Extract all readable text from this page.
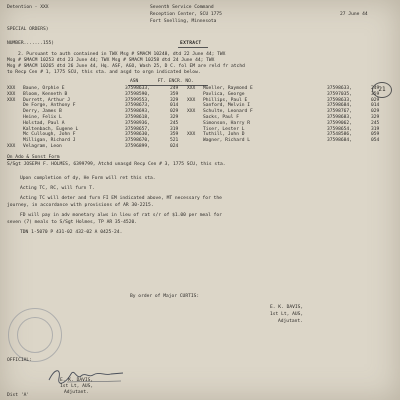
Detention - XXX	Seventh Service Command
Reception Center, SCU 1775	27 June 44
Fort Snelling, Minnesota
SPECIAL ORDERS)
NUMBER.......155)	EXTRACT
2. Pursuant to auth contained in TWX Msg # SMACM 10248, dtd 22 June 44; TWX
Msg # SMACM 10253 dtd 23 June 44; TWX Msg # SMACM 10258 dtd 24 June 44; TWX
Msg # SMACM 10265 dtd 26 June 44, Hq. ASF, AGO, Wash 25, D C. fol EM are reld fr atchd
to Recp Cen # 1, 1775 SCU, this sta. and asgd to orgn indicated below.
ASN       FT. ENCR. NO.
21
XXX Baune, Orphie E	37598633,	249 XXX Mueller, Raymond E	37598633,	249
XXX Bloom, Kenneth B	37598590,	359	Pavlica, George	37597035,	359
XXX Durrett, Arthur J	37599553,	329 XXX Phillips, Paul E	37598633,	029
De Forge, Anthony F	37598673,	014	Sanford, Melvin I	37598684,	014
Derry, James B	37598693,	029 XXX Schulte, Leonard F	37598767,	029
Heine, Felix L	37598618,	329	Sacks, Paul F	37598683,	329
Holstad, Paul A	37598936,	245	Simonson, Harry R	37599062,	245
Kaltenbach, Eugene L	37598657,	319	Tiser, Lester L	37598654,	319
Mc Cullough, John F	37598630,	359 XXX Tuthill, John D	37548586,	059
Milligan, Richard J	37598670,	521	Wagner, Richard L	37598684,	054
XXX Velagram, Leon	37596899,	024
On Ado & Sonst Form
S/Sgt JOSEPH F. HOLMES, 6399799, Atchd unasgd Recp Cen # 3, 1775 SCU, this sta.
Upon completion of dy, He Form will ret this sta.
Acting TC, RC, will furn T.
Acting TC will deter and furn FI EM indicated above, MT necessary for the
journey, in accordance with provisions of AR 30-2215.
FD will pay in adv monetary alws in lieu of rat s/r of $1.00 per meal for
seven (7) meals to S/Sgt Holmes, TP AR 35-4520.
TDN 1-5070 P 431-02 432-02 A 0425-24.
By order of Major CURTIS:
E. K. DAVIS,
1st Lt, AUS,
Adjutant.
OFFICIAL:
E. K. DAVIS,
1st Lt, AUS,
Adjutant.
Dist 'A'
